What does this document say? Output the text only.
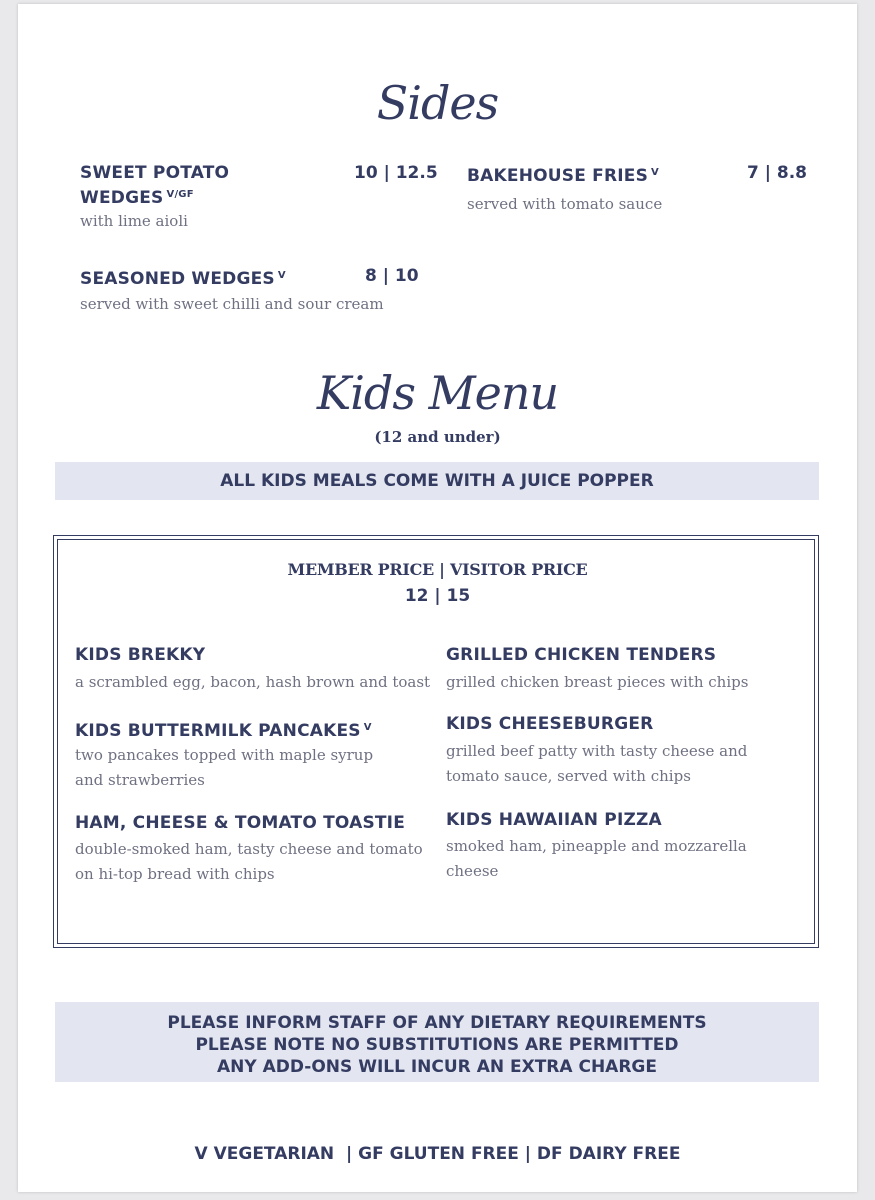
Sides
SWEET POTATO
WEDGES $^{V/GF}$
10 | 12.5
with lime aioli
BAKEHOUSE FRIES $^V$	7 | 8.8
served with tomato sauce
SEASONED WEDGES $^V$	8 | 10
served with sweet chilli and sour cream
Kids Menu
(12 and under)
ALL KIDS MEALS COME WITH A JUICE POPPER
MEMBER PRICE | VISITOR PRICE
12 | 15
KIDS BREKKY
a scrambled egg, bacon, hash brown and toast
GRILLED CHICKEN TENDERS
grilled chicken breast pieces with chips
KIDS BUTTERMILK PANCAKES $^V$
two pancakes topped with maple syrup
and strawberries
KIDS CHEESEBURGER
grilled beef patty with tasty cheese and
tomato sauce, served with chips
HAM, CHEESE & TOMATO TOASTIE
double-smoked ham, tasty cheese and tomato
on hi-top bread with chips
KIDS HAWAIIAN PIZZA
smoked ham, pineapple and mozzarella
cheese
PLEASE INFORM STAFF OF ANY DIETARY REQUIREMENTS
PLEASE NOTE NO SUBSTITUTIONS ARE PERMITTED
ANY ADD-ONS WILL INCUR AN EXTRA CHARGE
V VEGETARIAN  | GF GLUTEN FREE | DF DAIRY FREE
